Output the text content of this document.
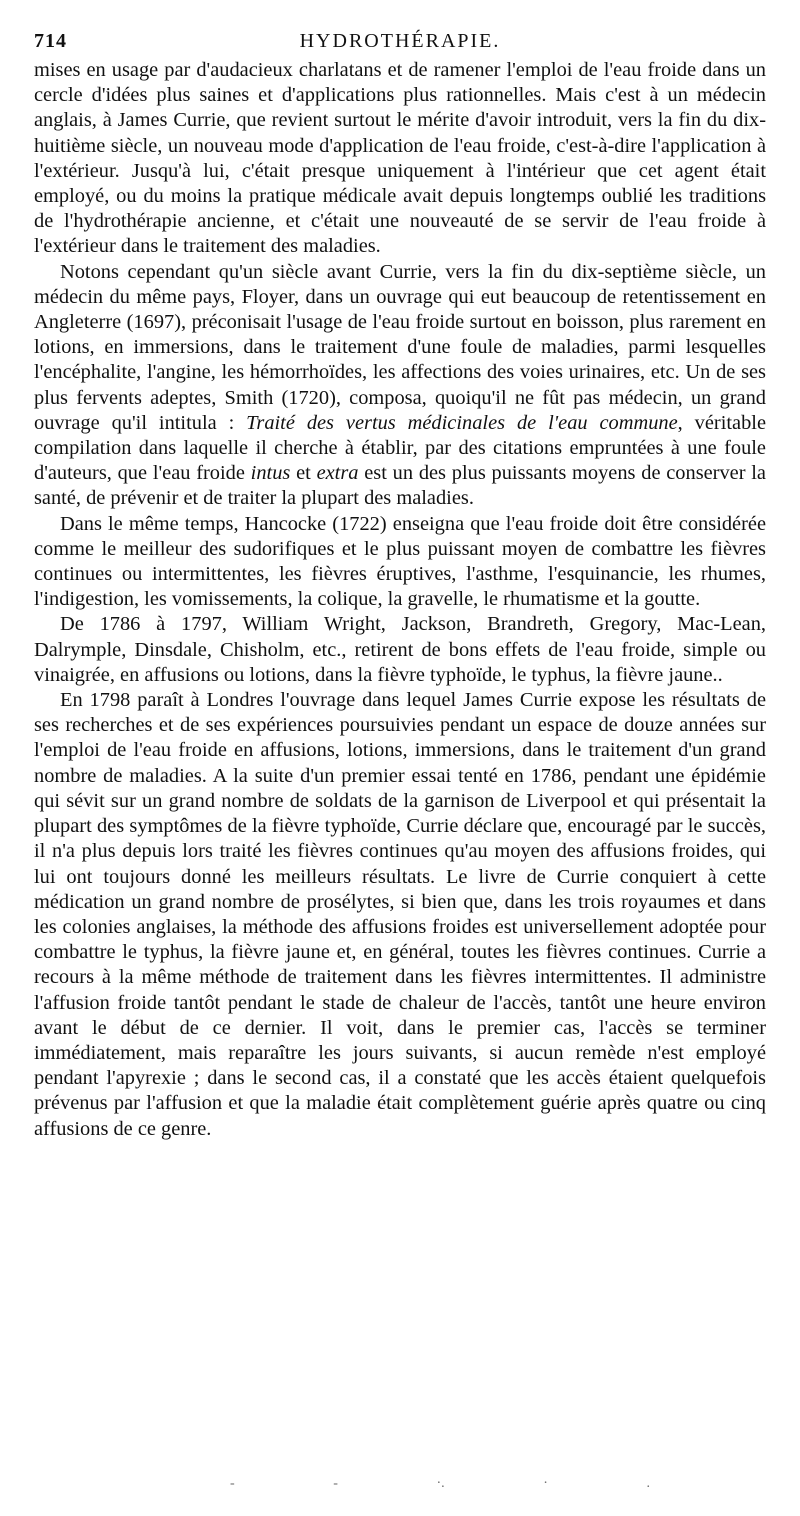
714	HYDROTHÉRAPIE.

mises en usage par d'audacieux charlatans et de ramener l'emploi de l'eau froide dans un cercle d'idées plus saines et d'applications plus rationnelles. Mais c'est à un médecin anglais, à James Currie, que revient surtout le mérite d'avoir introduit, vers la fin du dix-huitième siècle, un nouveau mode d'application de l'eau froide, c'est-à-dire l'application à l'extérieur. Jusqu'à lui, c'était presque uniquement à l'intérieur que cet agent était employé, ou du moins la pratique médicale avait depuis longtemps oublié les traditions de l'hydrothérapie ancienne, et c'était une nouveauté de se servir de l'eau froide à l'extérieur dans le traitement des maladies.

Notons cependant qu'un siècle avant Currie, vers la fin du dix-septième siècle, un médecin du même pays, Floyer, dans un ouvrage qui eut beaucoup de retentissement en Angleterre (1697), préconisait l'usage de l'eau froide surtout en boisson, plus rarement en lotions, en immersions, dans le traitement d'une foule de maladies, parmi lesquelles l'encéphalite, l'angine, les hémorrhoïdes, les affections des voies urinaires, etc. Un de ses plus fervents adeptes, Smith (1720), composa, quoiqu'il ne fût pas médecin, un grand ouvrage qu'il intitula : Traité des vertus médicinales de l'eau commune, véritable compilation dans laquelle il cherche à établir, par des citations empruntées à une foule d'auteurs, que l'eau froide intus et extra est un des plus puissants moyens de conserver la santé, de prévenir et de traiter la plupart des maladies.

Dans le même temps, Hancocke (1722) enseigna que l'eau froide doit être considérée comme le meilleur des sudorifiques et le plus puissant moyen de combattre les fièvres continues ou intermittentes, les fièvres éruptives, l'asthme, l'esquinancie, les rhumes, l'indigestion, les vomissements, la colique, la gravelle, le rhumatisme et la goutte.

De 1786 à 1797, William Wright, Jackson, Brandreth, Gregory, Mac-Lean, Dalrymple, Dinsdale, Chisholm, etc., retirent de bons effets de l'eau froide, simple ou vinaigrée, en affusions ou lotions, dans la fièvre typhoïde, le typhus, la fièvre jaune..

En 1798 paraît à Londres l'ouvrage dans lequel James Currie expose les résultats de ses recherches et de ses expériences poursuivies pendant un espace de douze années sur l'emploi de l'eau froide en affusions, lotions, immersions, dans le traitement d'un grand nombre de maladies. A la suite d'un premier essai tenté en 1786, pendant une épidémie qui sévit sur un grand nombre de soldats de la garnison de Liverpool et qui présentait la plupart des symptômes de la fièvre typhoïde, Currie déclare que, encouragé par le succès, il n'a plus depuis lors traité les fièvres continues qu'au moyen des affusions froides, qui lui ont toujours donné les meilleurs résultats. Le livre de Currie conquiert à cette médication un grand nombre de prosélytes, si bien que, dans les trois royaumes et dans les colonies anglaises, la méthode des affusions froides est universellement adoptée pour combattre le typhus, la fièvre jaune et, en général, toutes les fièvres continues. Currie a recours à la même méthode de traitement dans les fièvres intermittentes. Il administre l'affusion froide tantôt pendant le stade de chaleur de l'accès, tantôt une heure environ avant le début de ce dernier. Il voit, dans le premier cas, l'accès se terminer immédiatement, mais reparaître les jours suivants, si aucun remède n'est employé pendant l'apyrexie ; dans le second cas, il a constaté que les accès étaient quelquefois prévenus par l'affusion et que la maladie était complètement guérie après quatre ou cinq affusions de ce genre.

-	-	·.	·	.
